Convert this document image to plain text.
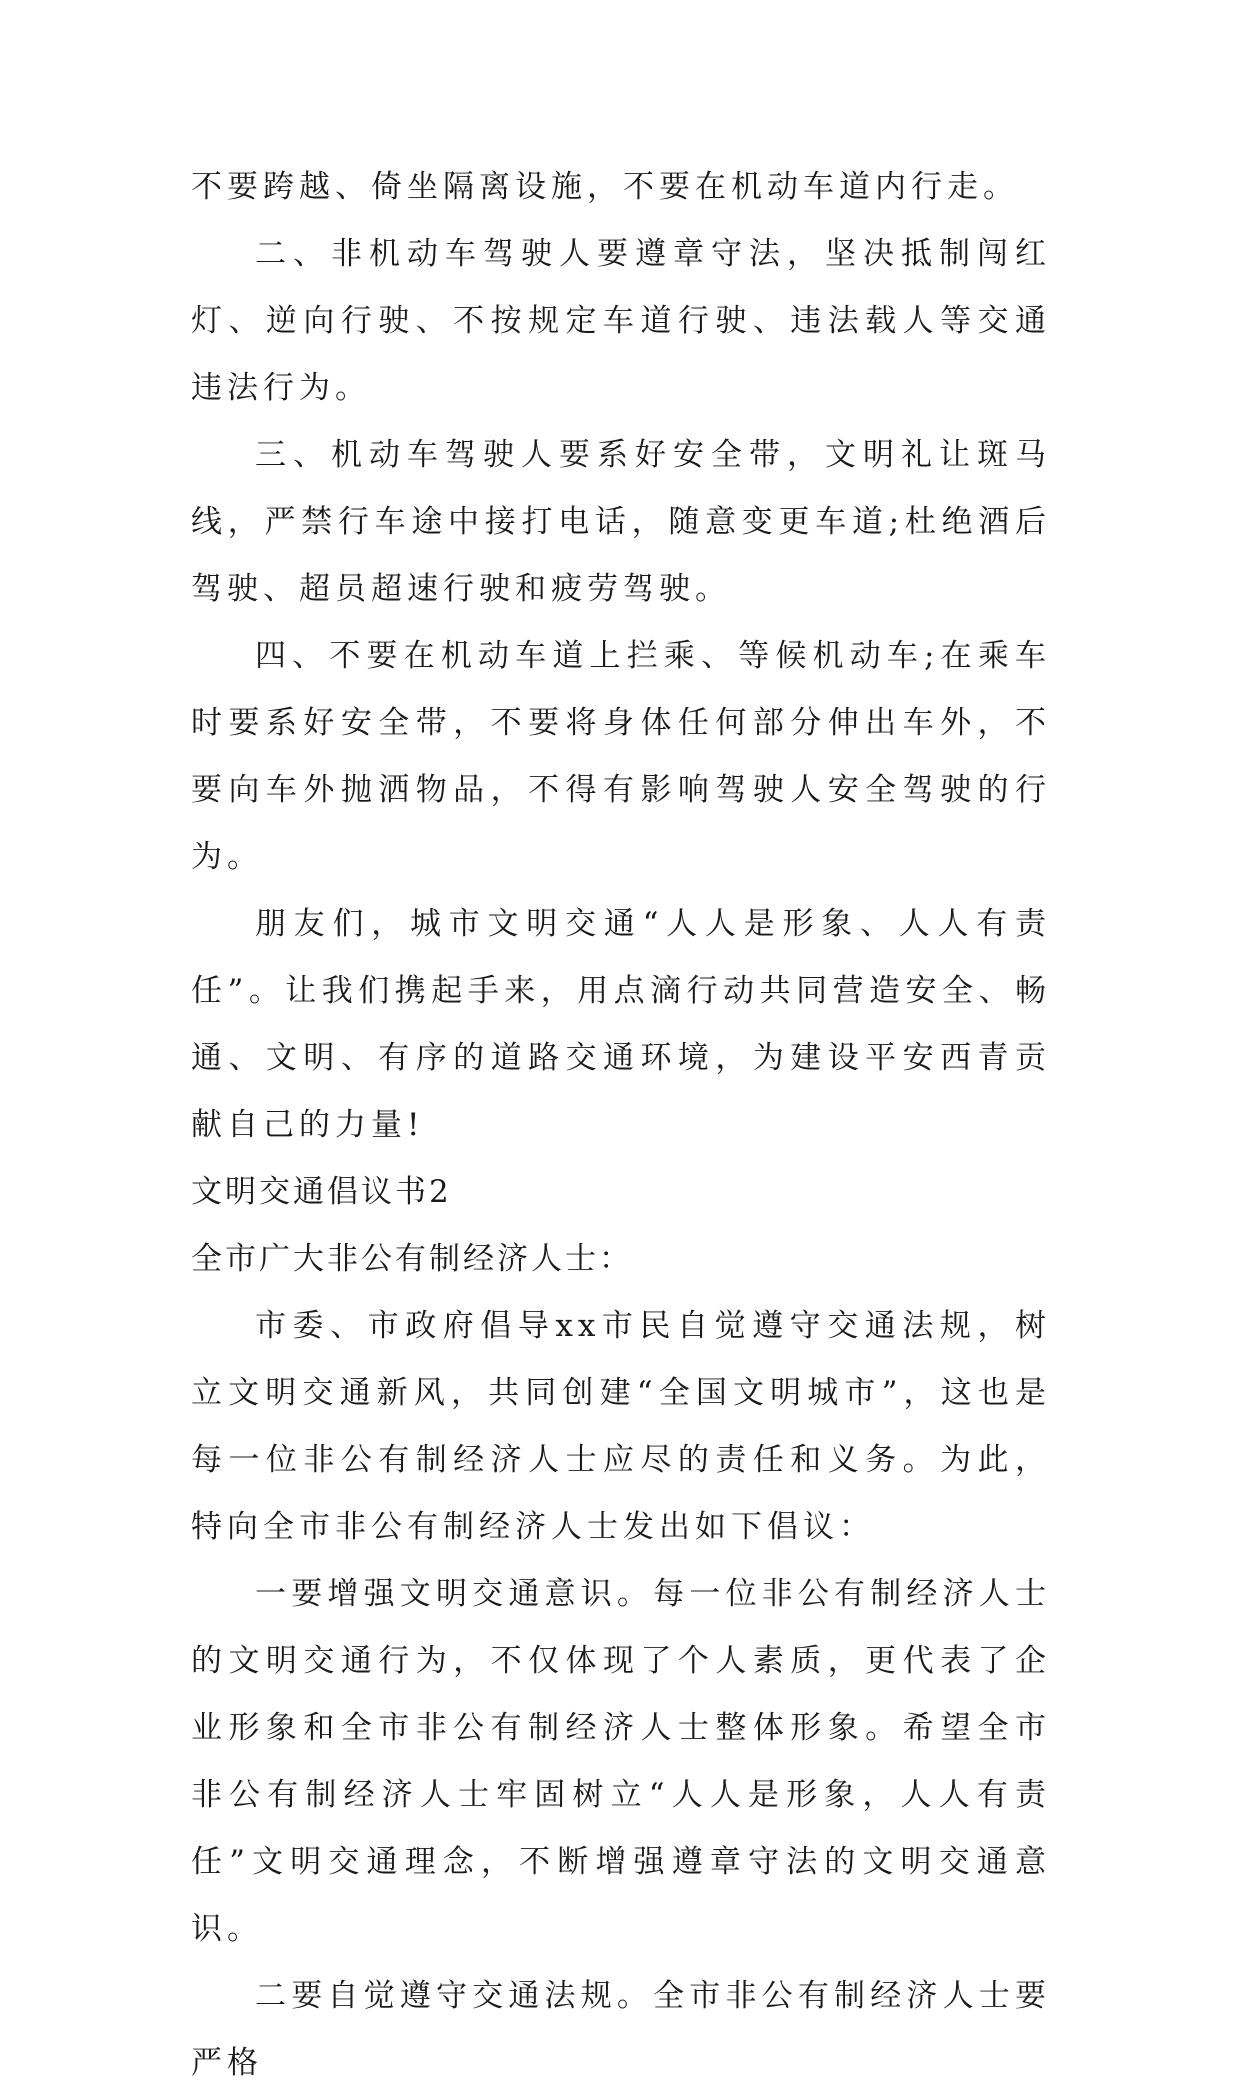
不要跨越、倚坐隔离设施，不要在机动车道内行走。

二、非机动车驾驶人要遵章守法，坚决抵制闯红灯、逆向行驶、不按规定车道行驶、违法载人等交通违法行为。

三、机动车驾驶人要系好安全带，文明礼让斑马线，严禁行车途中接打电话，随意变更车道;杜绝酒后驾驶、超员超速行驶和疲劳驾驶。

四、不要在机动车道上拦乘、等候机动车;在乘车时要系好安全带，不要将身体任何部分伸出车外，不要向车外抛洒物品，不得有影响驾驶人安全驾驶的行为。

朋友们，城市文明交通“人人是形象、人人有责任”。让我们携起手来，用点滴行动共同营造安全、畅通、文明、有序的道路交通环境，为建设平安西青贡献自己的力量!

文明交通倡议书2

全市广大非公有制经济人士：

市委、市政府倡导xx市民自觉遵守交通法规，树立文明交通新风，共同创建“全国文明城市”，这也是每一位非公有制经济人士应尽的责任和义务。为此，特向全市非公有制经济人士发出如下倡议：

一要增强文明交通意识。每一位非公有制经济人士的文明交通行为，不仅体现了个人素质，更代表了企业形象和全市非公有制经济人士整体形象。希望全市非公有制经济人士牢固树立“人人是形象，人人有责任”文明交通理念，不断增强遵章守法的文明交通意识。

二要自觉遵守交通法规。全市非公有制经济人士要严格
